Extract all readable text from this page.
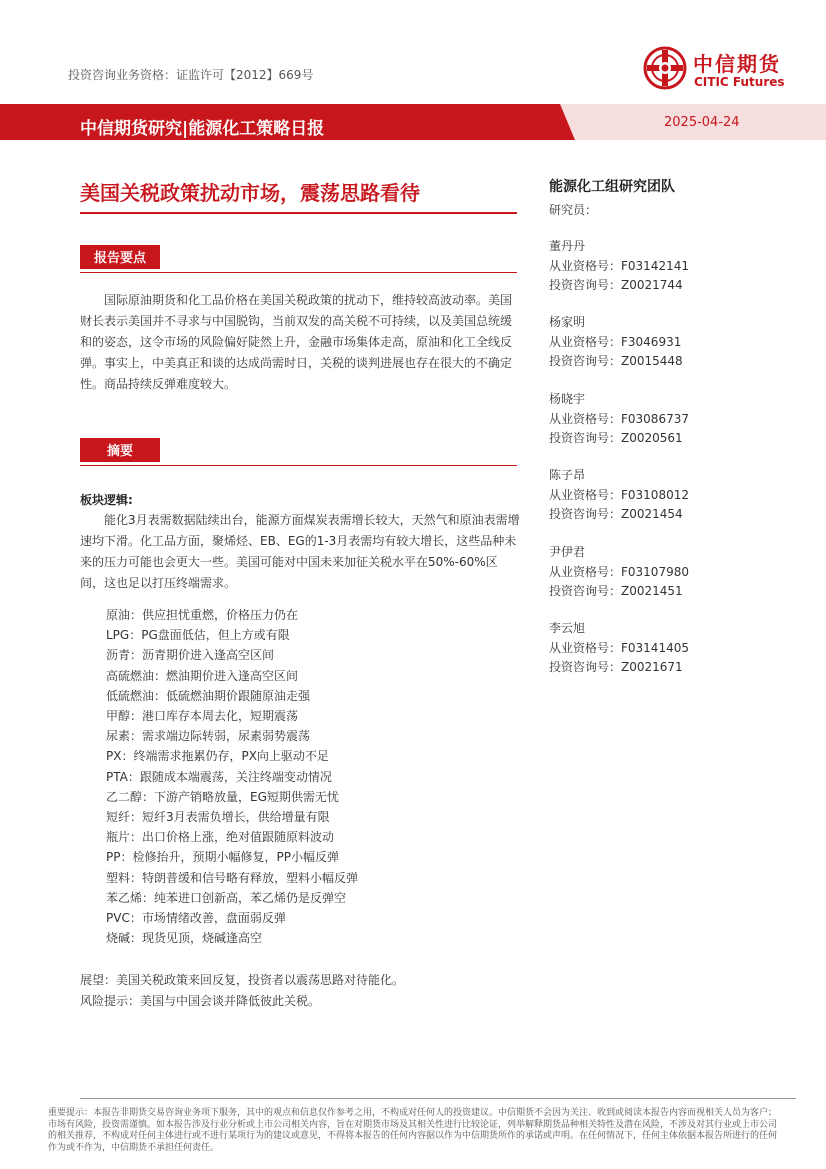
投资咨询业务资格：证监许可【2012】669号	中信期货
CITIC Futures
中信期货研究|能源化工策略日报	2025-04-24
美国关税政策扰动市场，震荡思路看待
报告要点
国际原油期货和化工品价格在美国关税政策的扰动下，维持较高波动率。美国财长表示美国并不寻求与中国脱钩，当前双发的高关税不可持续，以及美国总统缓和的姿态，这令市场的风险偏好陡然上升，金融市场集体走高，原油和化工全线反弹。事实上，中美真正和谈的达成尚需时日，关税的谈判进展也存在很大的不确定性。商品持续反弹难度较大。
摘要
板块逻辑:
能化3月表需数据陆续出台，能源方面煤炭表需增长较大，天然气和原油表需增速均下滑。化工品方面，聚烯烃、EB、EG的1-3月表需均有较大增长，这些品种未来的压力可能也会更大一些。美国可能对中国未来加征关税水平在50%-60%区间，这也足以打压终端需求。
原油：供应担忧重燃，价格压力仍在
LPG：PG盘面低估，但上方或有限
沥青：沥青期价进入逢高空区间
高硫燃油：燃油期价进入逢高空区间
低硫燃油：低硫燃油期价跟随原油走强
甲醇：港口库存本周去化，短期震荡
尿素：需求端边际转弱，尿素弱势震荡
PX：终端需求拖累仍存，PX向上驱动不足
PTA：跟随成本端震荡，关注终端变动情况
乙二醇：下游产销略放量，EG短期供需无忧
短纤：短纤3月表需负增长，供给增量有限
瓶片：出口价格上涨，绝对值跟随原料波动
PP：检修抬升，预期小幅修复，PP小幅反弹
塑料：特朗普缓和信号略有释放，塑料小幅反弹
苯乙烯：纯苯进口创新高，苯乙烯仍是反弹空
PVC：市场情绪改善，盘面弱反弹
烧碱：现货见顶，烧碱逢高空
展望：美国关税政策来回反复，投资者以震荡思路对待能化。
风险提示：美国与中国会谈并降低彼此关税。
能源化工组研究团队
研究员：
董丹丹
从业资格号：F03142141
投资咨询号：Z0021744
杨家明
从业资格号：F3046931
投资咨询号：Z0015448
杨晓宇
从业资格号：F03086737
投资咨询号：Z0020561
陈子昂
从业资格号：F03108012
投资咨询号：Z0021454
尹伊君
从业资格号：F03107980
投资咨询号：Z0021451
李云旭
从业资格号：F03141405
投资咨询号：Z0021671
重要提示：本报告非期货交易咨询业务项下服务，其中的观点和信息仅作参考之用，不构成对任何人的投资建议。中信期货不会因为关注、收到或阅读本报告内容而视相关人员为客户；市场有风险，投资需谨慎。如本报告涉及行业分析或上市公司相关内容，旨在对期货市场及其相关性进行比较论证，列举解释期货品种相关特性及潜在风险，不涉及对其行业或上市公司的相关推荐，不构成对任何主体进行或不进行某项行为的建议或意见，不得将本报告的任何内容据以作为中信期货所作的承诺或声明。在任何情况下，任何主体依据本报告所进行的任何作为或不作为，中信期货不承担任何责任。
